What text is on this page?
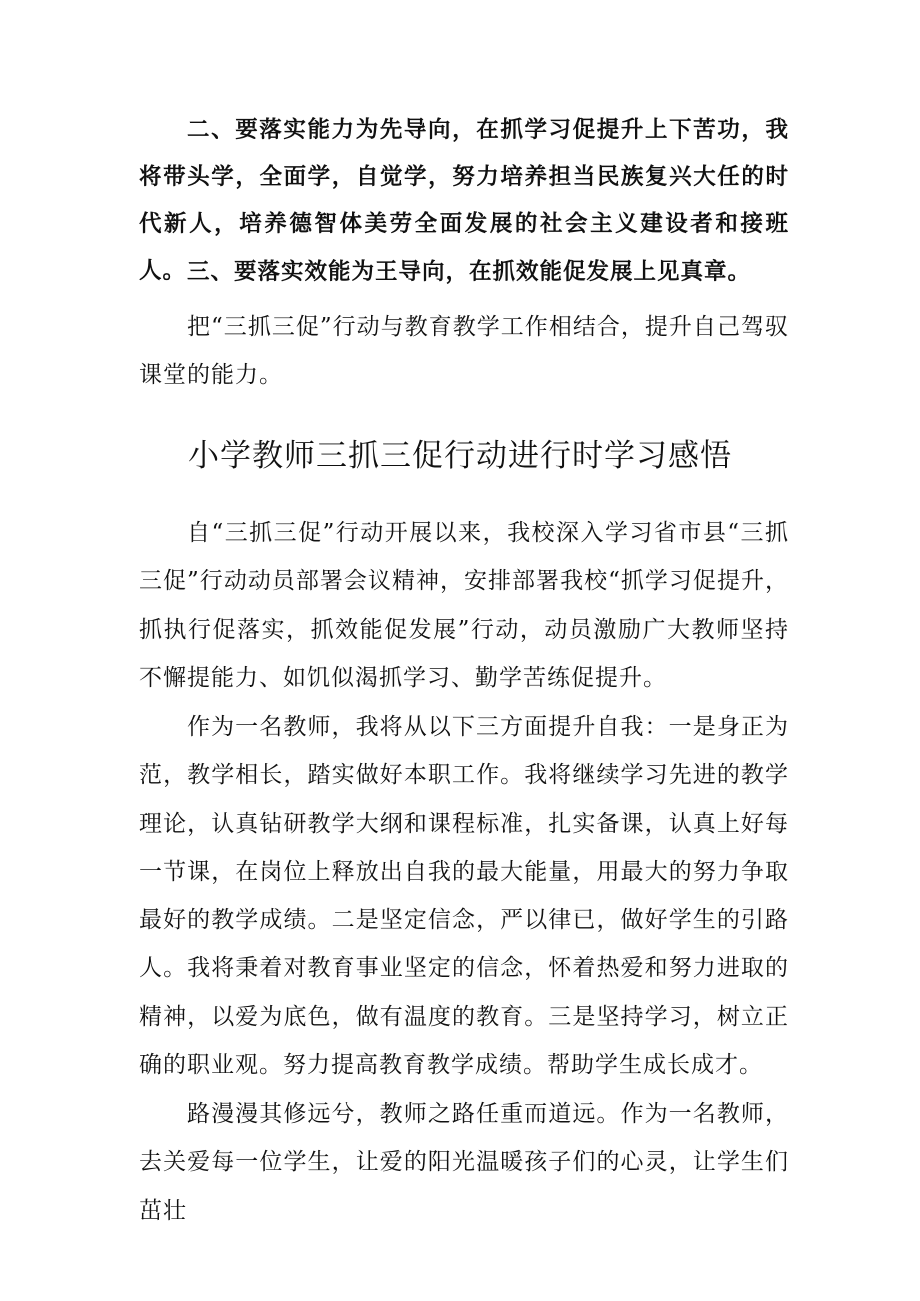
二、要落实能力为先导向，在抓学习促提升上下苦功，我将带头学，全面学，自觉学，努力培养担当民族复兴大任的时代新人，培养德智体美劳全面发展的社会主义建设者和接班人。 三、要落实效能为王导向，在抓效能促发展上见真章。

把“三抓三促”行动与教育教学工作相结合，提升自己驾驭课堂的能力。

小学教师三抓三促行动进行时学习感悟

自“三抓三促”行动开展以来，我校深入学习省市县“三抓三促”行动动员部署会议精神，安排部署我校“抓学习促提升，抓执行促落实，抓效能促发展”行动，动员激励广大教师坚持不懈提能力、如饥似渴抓学习、勤学苦练促提升。

作为一名教师，我将从以下三方面提升自我：一是身正为范，教学相长，踏实做好本职工作。我将继续学习先进的教学理论，认真钻研教学大纲和课程标准，扎实备课，认真上好每一节课，在岗位上释放出自我的最大能量，用最大的努力争取最好的教学成绩。二是坚定信念，严以律已，做好学生的引路人。我将秉着对教育事业坚定的信念，怀着热爱和努力进取的精神，以爱为底色，做有温度的教育。三是坚持学习，树立正确的职业观。努力提高教育教学成绩。帮助学生成长成才。

路漫漫其修远兮，教师之路任重而道远。作为一名教师，去关爱每一位学生，让爱的阳光温暖孩子们的心灵，让学生们茁壮
